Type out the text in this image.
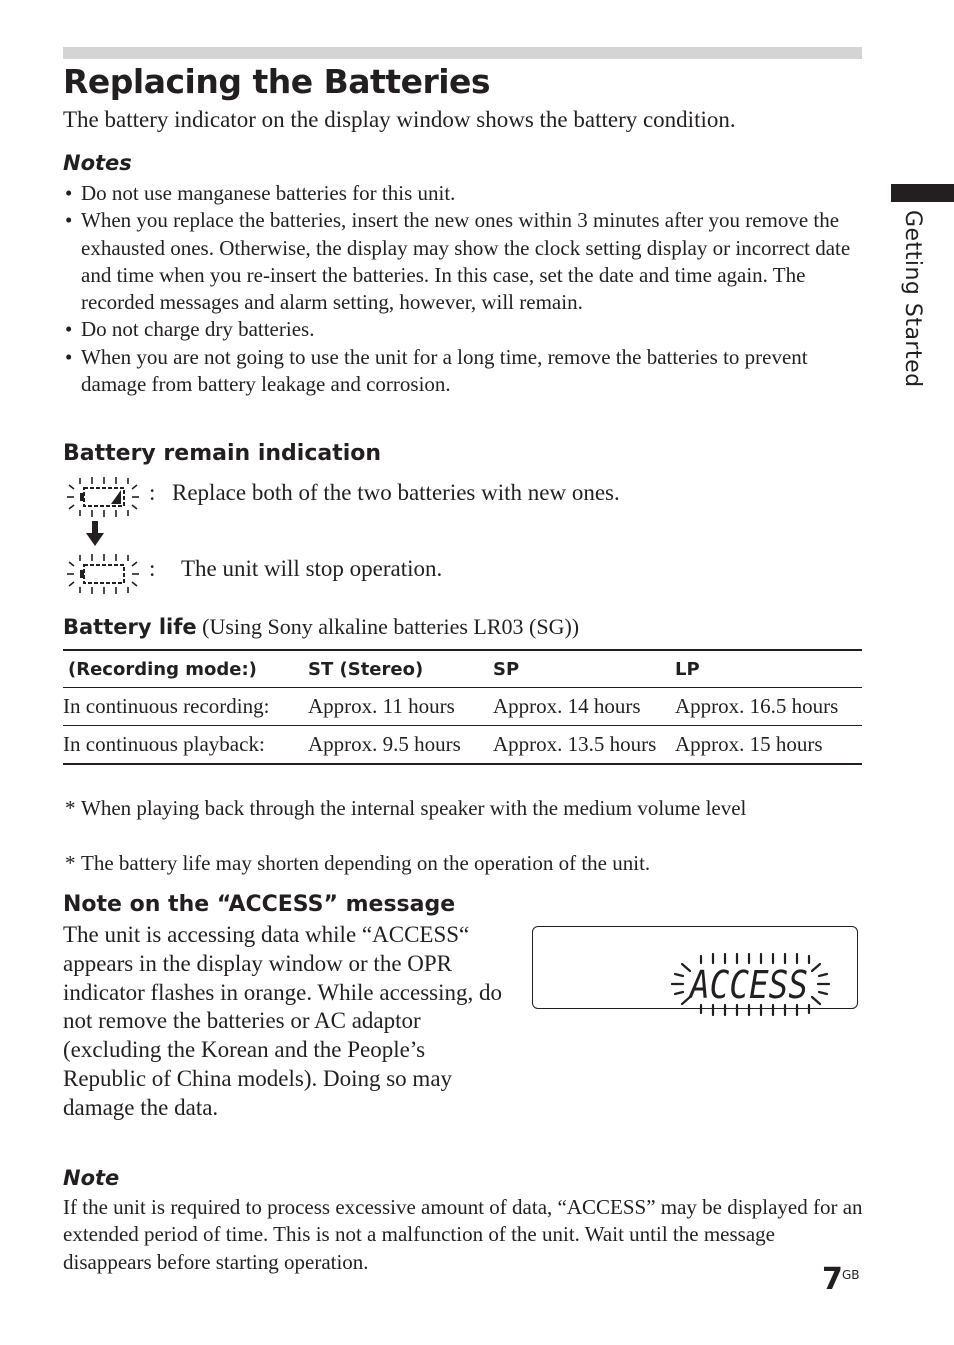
Replacing the Batteries

The battery indicator on the display window shows the battery condition.

Notes
• Do not use manganese batteries for this unit.
• When you replace the batteries, insert the new ones within 3 minutes after you remove the exhausted ones. Otherwise, the display may show the clock setting display or incorrect date and time when you re-insert the batteries. In this case, set the date and time again. The recorded messages and alarm setting, however, will remain.
• Do not charge dry batteries.
• When you are not going to use the unit for a long time, remove the batteries to prevent damage from battery leakage and corrosion.	Getting Started
Battery remain indication
: Replace both of the two batteries with new ones.
: The unit will stop operation.

Battery life (Using Sony alkaline batteries LR03 (SG))

(Recording mode:)	ST (Stereo)	SP	LP
In continuous recording:	Approx. 11 hours	Approx. 14 hours	Approx. 16.5 hours
In continuous playback:	Approx. 9.5 hours	Approx. 13.5 hours	Approx. 15 hours
* When playing back through the internal speaker with the medium volume level
* The battery life may shorten depending on the operation of the unit.
Note on the “ACCESS” message

The unit is accessing data while “ACCESS“ appears in the display window or the OPR indicator flashes in orange. While accessing, do not remove the batteries or AC adaptor (excluding the Korean and the People’s Republic of China models). Doing so may damage the data.

ACCESS
Note

If the unit is required to process excessive amount of data, “ACCESS” may be displayed for an extended period of time. This is not a malfunction of the unit. Wait until the message disappears before starting operation.

7 GB
